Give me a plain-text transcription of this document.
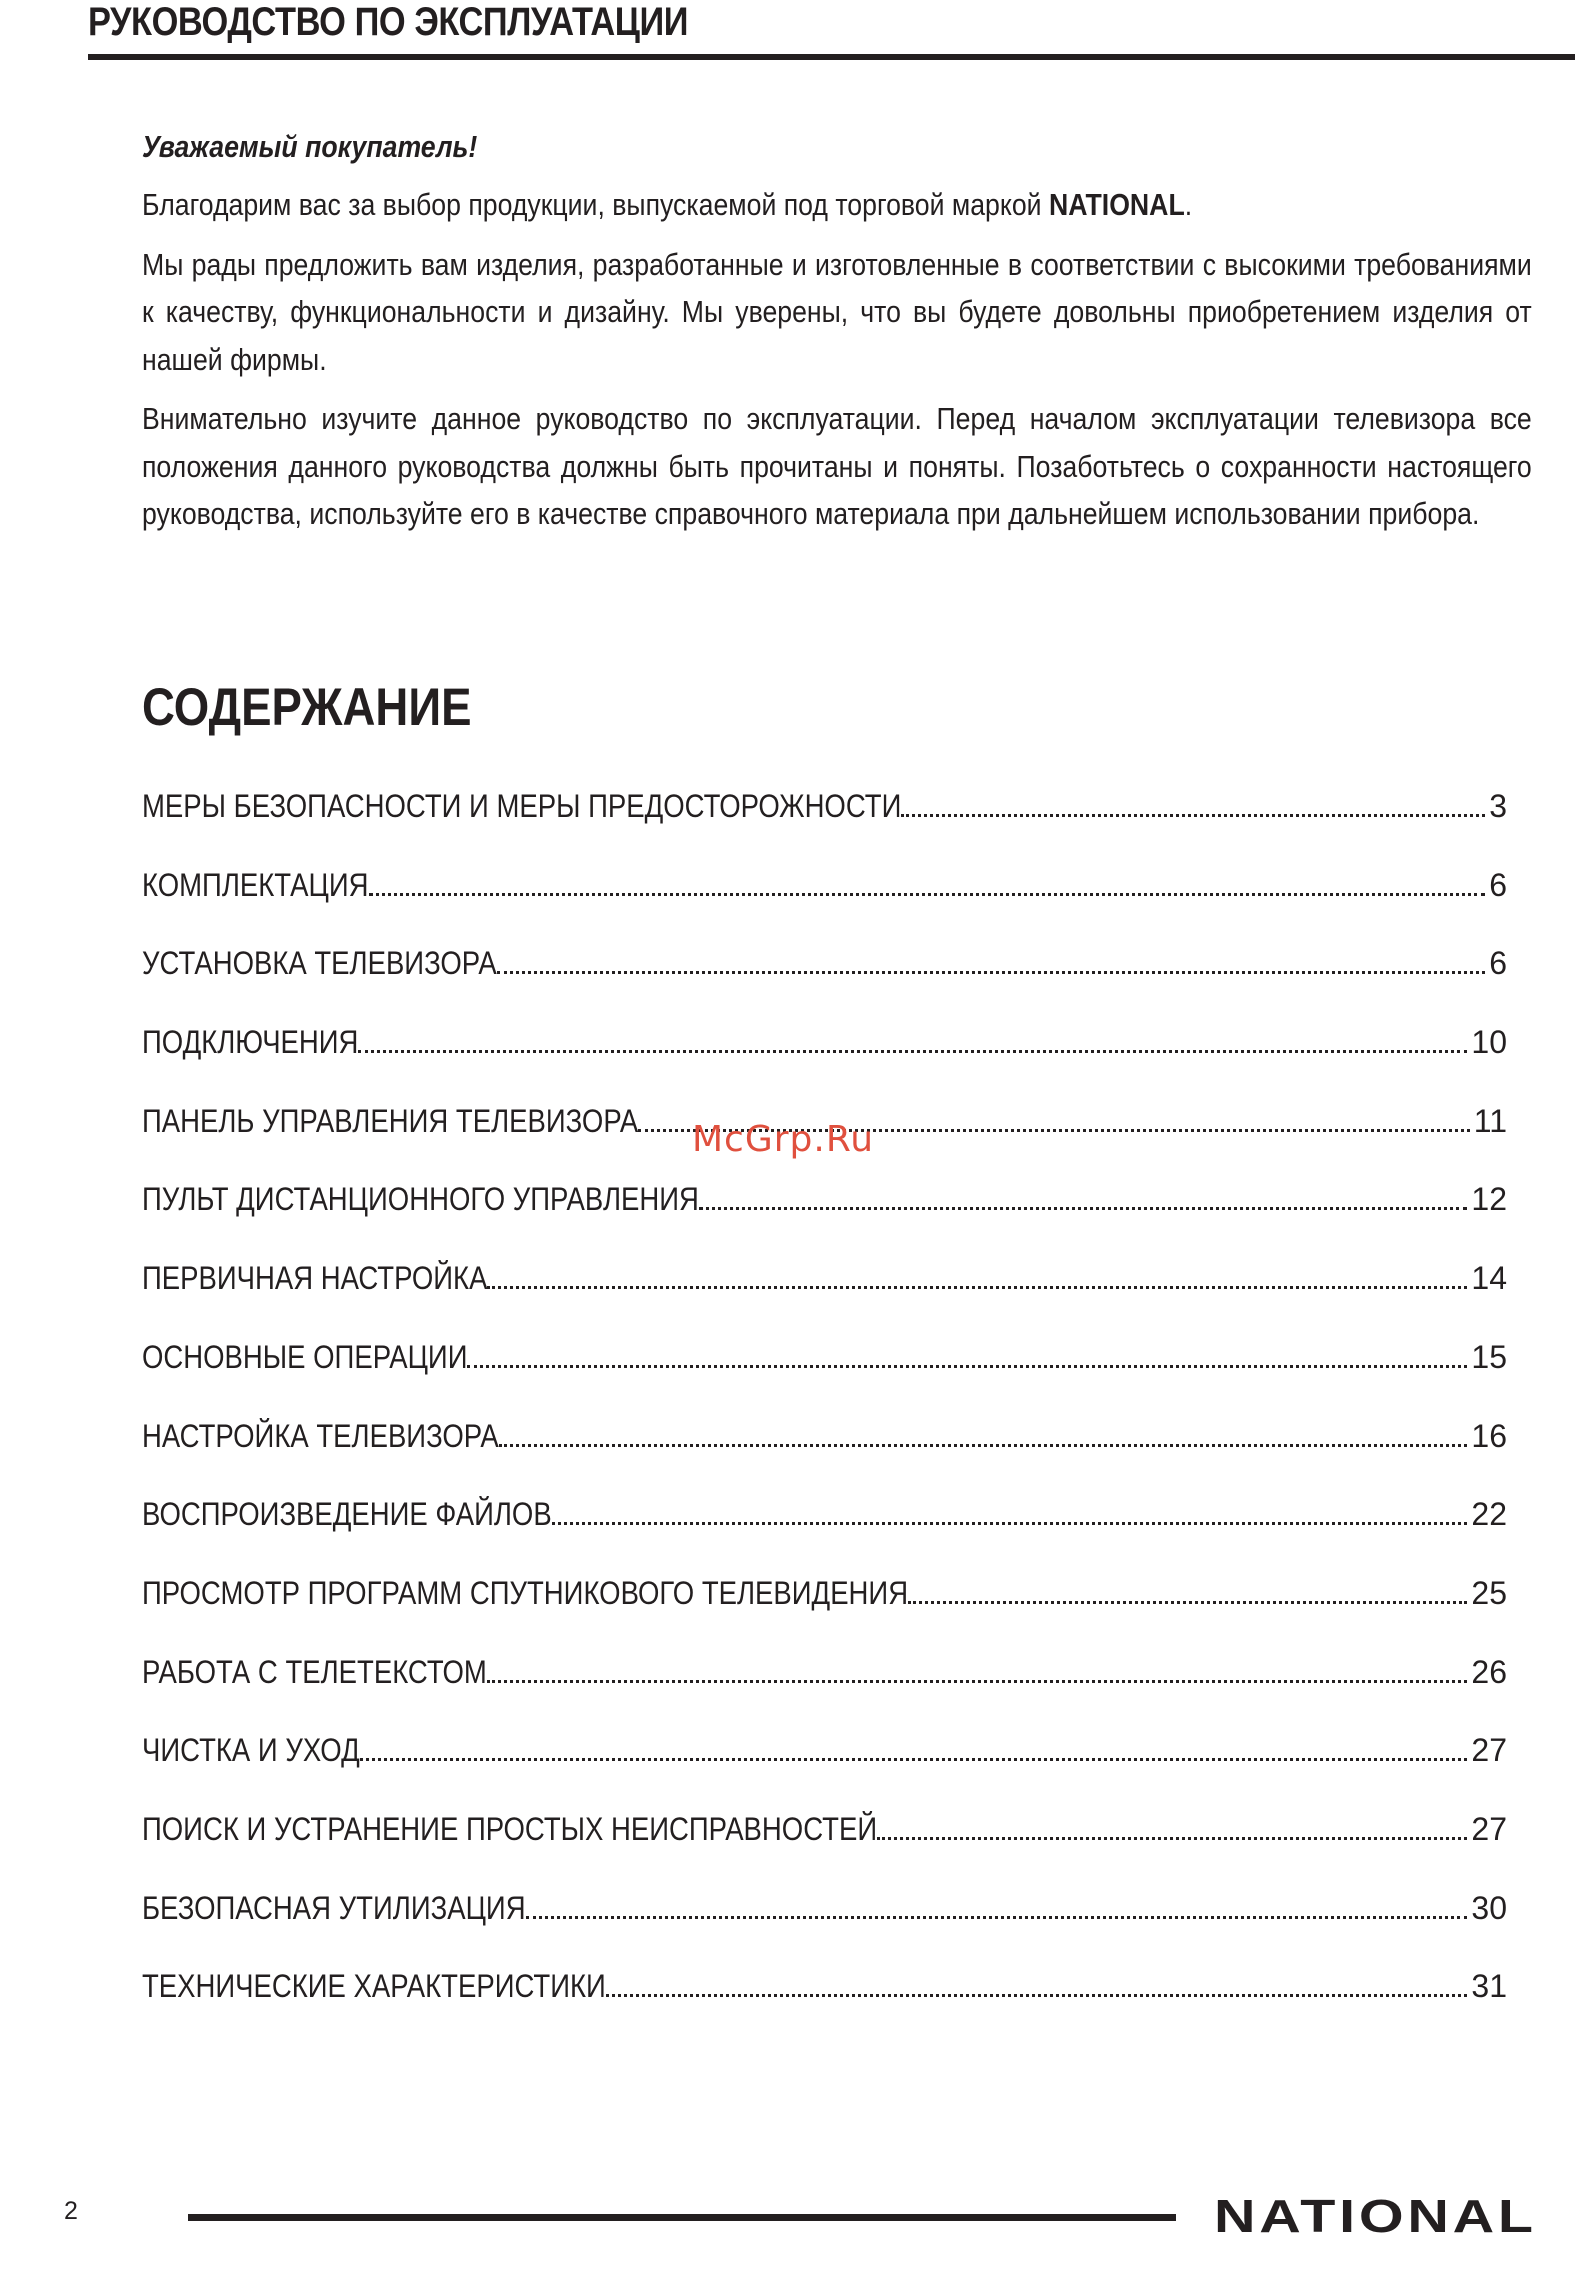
РУКОВОДСТВО ПО ЭКСПЛУАТАЦИИ
Уважаемый покупатель!
Благодарим вас за выбор продукции, выпускаемой под торговой маркой NATIONAL.
Мы рады предложить вам изделия, разработанные и изготовленные в соответствии с высокими требованиями к качеству, функциональности и дизайну. Мы уверены, что вы будете довольны приобретением изделия от нашей фирмы.
Внимательно изучите данное руководство по эксплуатации. Перед началом эксплуатации телевизора все положения данного руководства должны быть прочитаны и поняты. Позаботьтесь о сохранности настоящего руководства, используйте его в качестве справочного материала при дальнейшем использовании прибора.
СОДЕРЖАНИЕ
МЕРЫ БЕЗОПАСНОСТИ И МЕРЫ ПРЕДОСТОРОЖНОСТИ	3
КОМПЛЕКТАЦИЯ	6
УСТАНОВКА ТЕЛЕВИЗОРА	6
ПОДКЛЮЧЕНИЯ	10
ПАНЕЛЬ УПРАВЛЕНИЯ ТЕЛЕВИЗОРА	11
ПУЛЬТ ДИСТАНЦИОННОГО УПРАВЛЕНИЯ	12
ПЕРВИЧНАЯ НАСТРОЙКА	14
ОСНОВНЫЕ ОПЕРАЦИИ	15
НАСТРОЙКА ТЕЛЕВИЗОРА	16
ВОСПРОИЗВЕДЕНИЕ ФАЙЛОВ	22
ПРОСМОТР ПРОГРАММ СПУТНИКОВОГО ТЕЛЕВИДЕНИЯ	25
РАБОТА С ТЕЛЕТЕКСТОМ	26
ЧИСТКА И УХОД	27
ПОИСК И УСТРАНЕНИЕ ПРОСТЫХ НЕИСПРАВНОСТЕЙ	27
БЕЗОПАСНАЯ УТИЛИЗАЦИЯ	30
ТЕХНИЧЕСКИЕ ХАРАКТЕРИСТИКИ	31
McGrp.Ru
2	NATIONAL
